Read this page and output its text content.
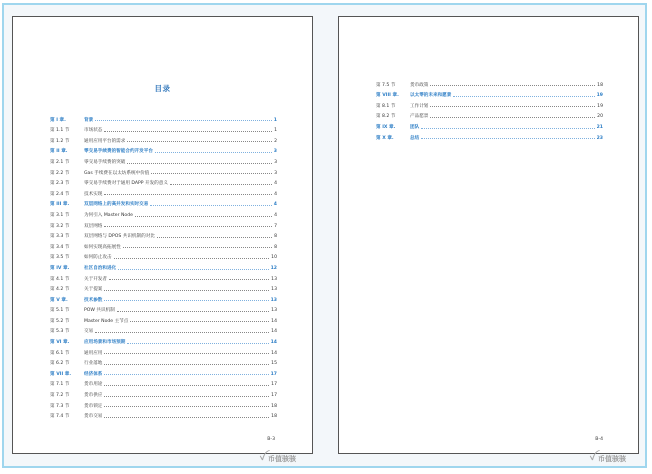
目录
第 I 章.	背景	1
第 1.1 节	市场状态	1
第 1.2 节	通用应用平台的需求	2
第 II 章.	零交易手续费的智能合约开发平台	3
第 2.1 节	零交易手续费的突破	3
第 2.2 节	Gas 手续费在以太坊系统中价值	3
第 2.3 节	零交易手续费对于通用 DAPP 开发的意义	4
第 2.4 节	技术实现	4
第 III 章.	双层网络上的高并发和实时交易	4
第 3.1 节	为何引入 Master Node	4
第 3.2 节	双层网络	7
第 3.3 节	双层网络与 DPOS 共识机制的对比	8
第 3.4 节	如何实现高拓展性	8
第 3.5 节	如何防止攻击	10
第 IV 章.	社区自治和进化	12
第 4.1 节	关于开发者	13
第 4.2 节	关于提案	13
第 V 章.	技术参数	13
第 5.1 节	POW 共识机制	13
第 5.2 节	Master Node 主节点	14
第 5.3 节	交易	14
第 VI 章.	应用场景和市场预期	14
第 6.1 节	通用应用	14
第 6.2 节	行业落地	15
第 VII 章.	经济体系	17
第 7.1 节	货币用途	17
第 7.2 节	货币供应	17
第 7.3 节	货币锁定	18
第 7.4 节	货币交易	18
B-3
ꪜ 币值骇骇
第 7.5 节	货币政策	18
第 VIII 章.	以太零的未来和愿景	19
第 8.1 节	工作计划	19
第 8.2 节	产品愿景	20
第 IX 章.	团队	21
第 X 章.	总结	23
B-4
ꪜ 币值骇骇
